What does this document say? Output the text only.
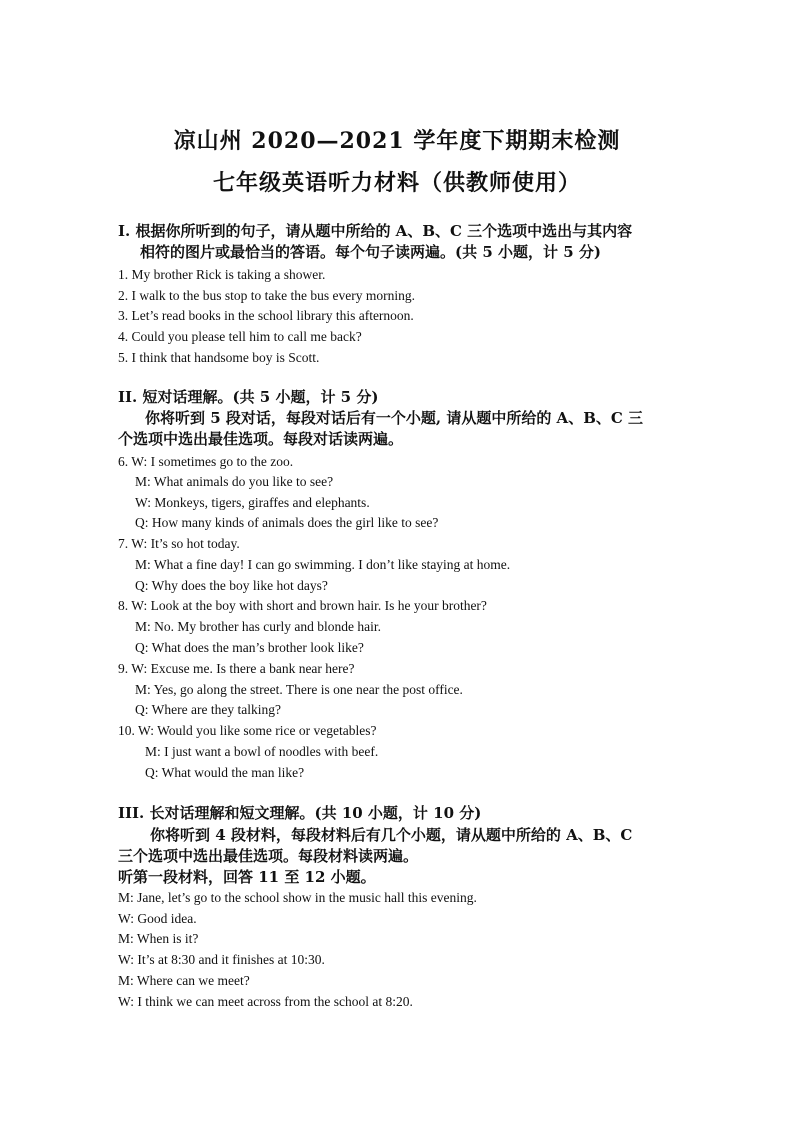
凉山州 2020—2021 学年度下期期末检测
七年级英语听力材料（供教师使用）
I. 根据你所听到的句子，请从题中所给的 A、B、C 三个选项中选出与其内容
相符的图片或最恰当的答语。每个句子读两遍。(共 5 小题，计 5 分)
1. My brother Rick is taking a shower.
2. I walk to the bus stop to take the bus every morning.
3. Let’s read books in the school library this afternoon.
4. Could you please tell him to call me back?
5. I think that handsome boy is Scott.
II. 短对话理解。(共 5 小题，计 5 分)
你将听到 5 段对话，每段对话后有一个小题, 请从题中所给的 A、B、C 三
个选项中选出最佳选项。每段对话读两遍。
6. W: I sometimes go to the zoo.
M: What animals do you like to see?
W: Monkeys, tigers, giraffes and elephants.
Q: How many kinds of animals does the girl like to see?
7. W: It’s so hot today.
M: What a fine day! I can go swimming. I don’t like staying at home.
Q: Why does the boy like hot days?
8. W: Look at the boy with short and brown hair. Is he your brother?
M: No. My brother has curly and blonde hair.
Q: What does the man’s brother look like?
9. W: Excuse me. Is there a bank near here?
M: Yes, go along the street. There is one near the post office.
Q: Where are they talking?
10. W: Would you like some rice or vegetables?
M: I just want a bowl of noodles with beef.
Q: What would the man like?
III. 长对话理解和短文理解。(共 10 小题，计 10 分)
你将听到 4 段材料，每段材料后有几个小题，请从题中所给的 A、B、C
三个选项中选出最佳选项。每段材料读两遍。
听第一段材料，回答 11 至 12 小题。
M: Jane, let’s go to the school show in the music hall this evening.
W: Good idea.
M: When is it?
W: It’s at 8:30 and it finishes at 10:30.
M: Where can we meet?
W: I think we can meet across from the school at 8:20.
